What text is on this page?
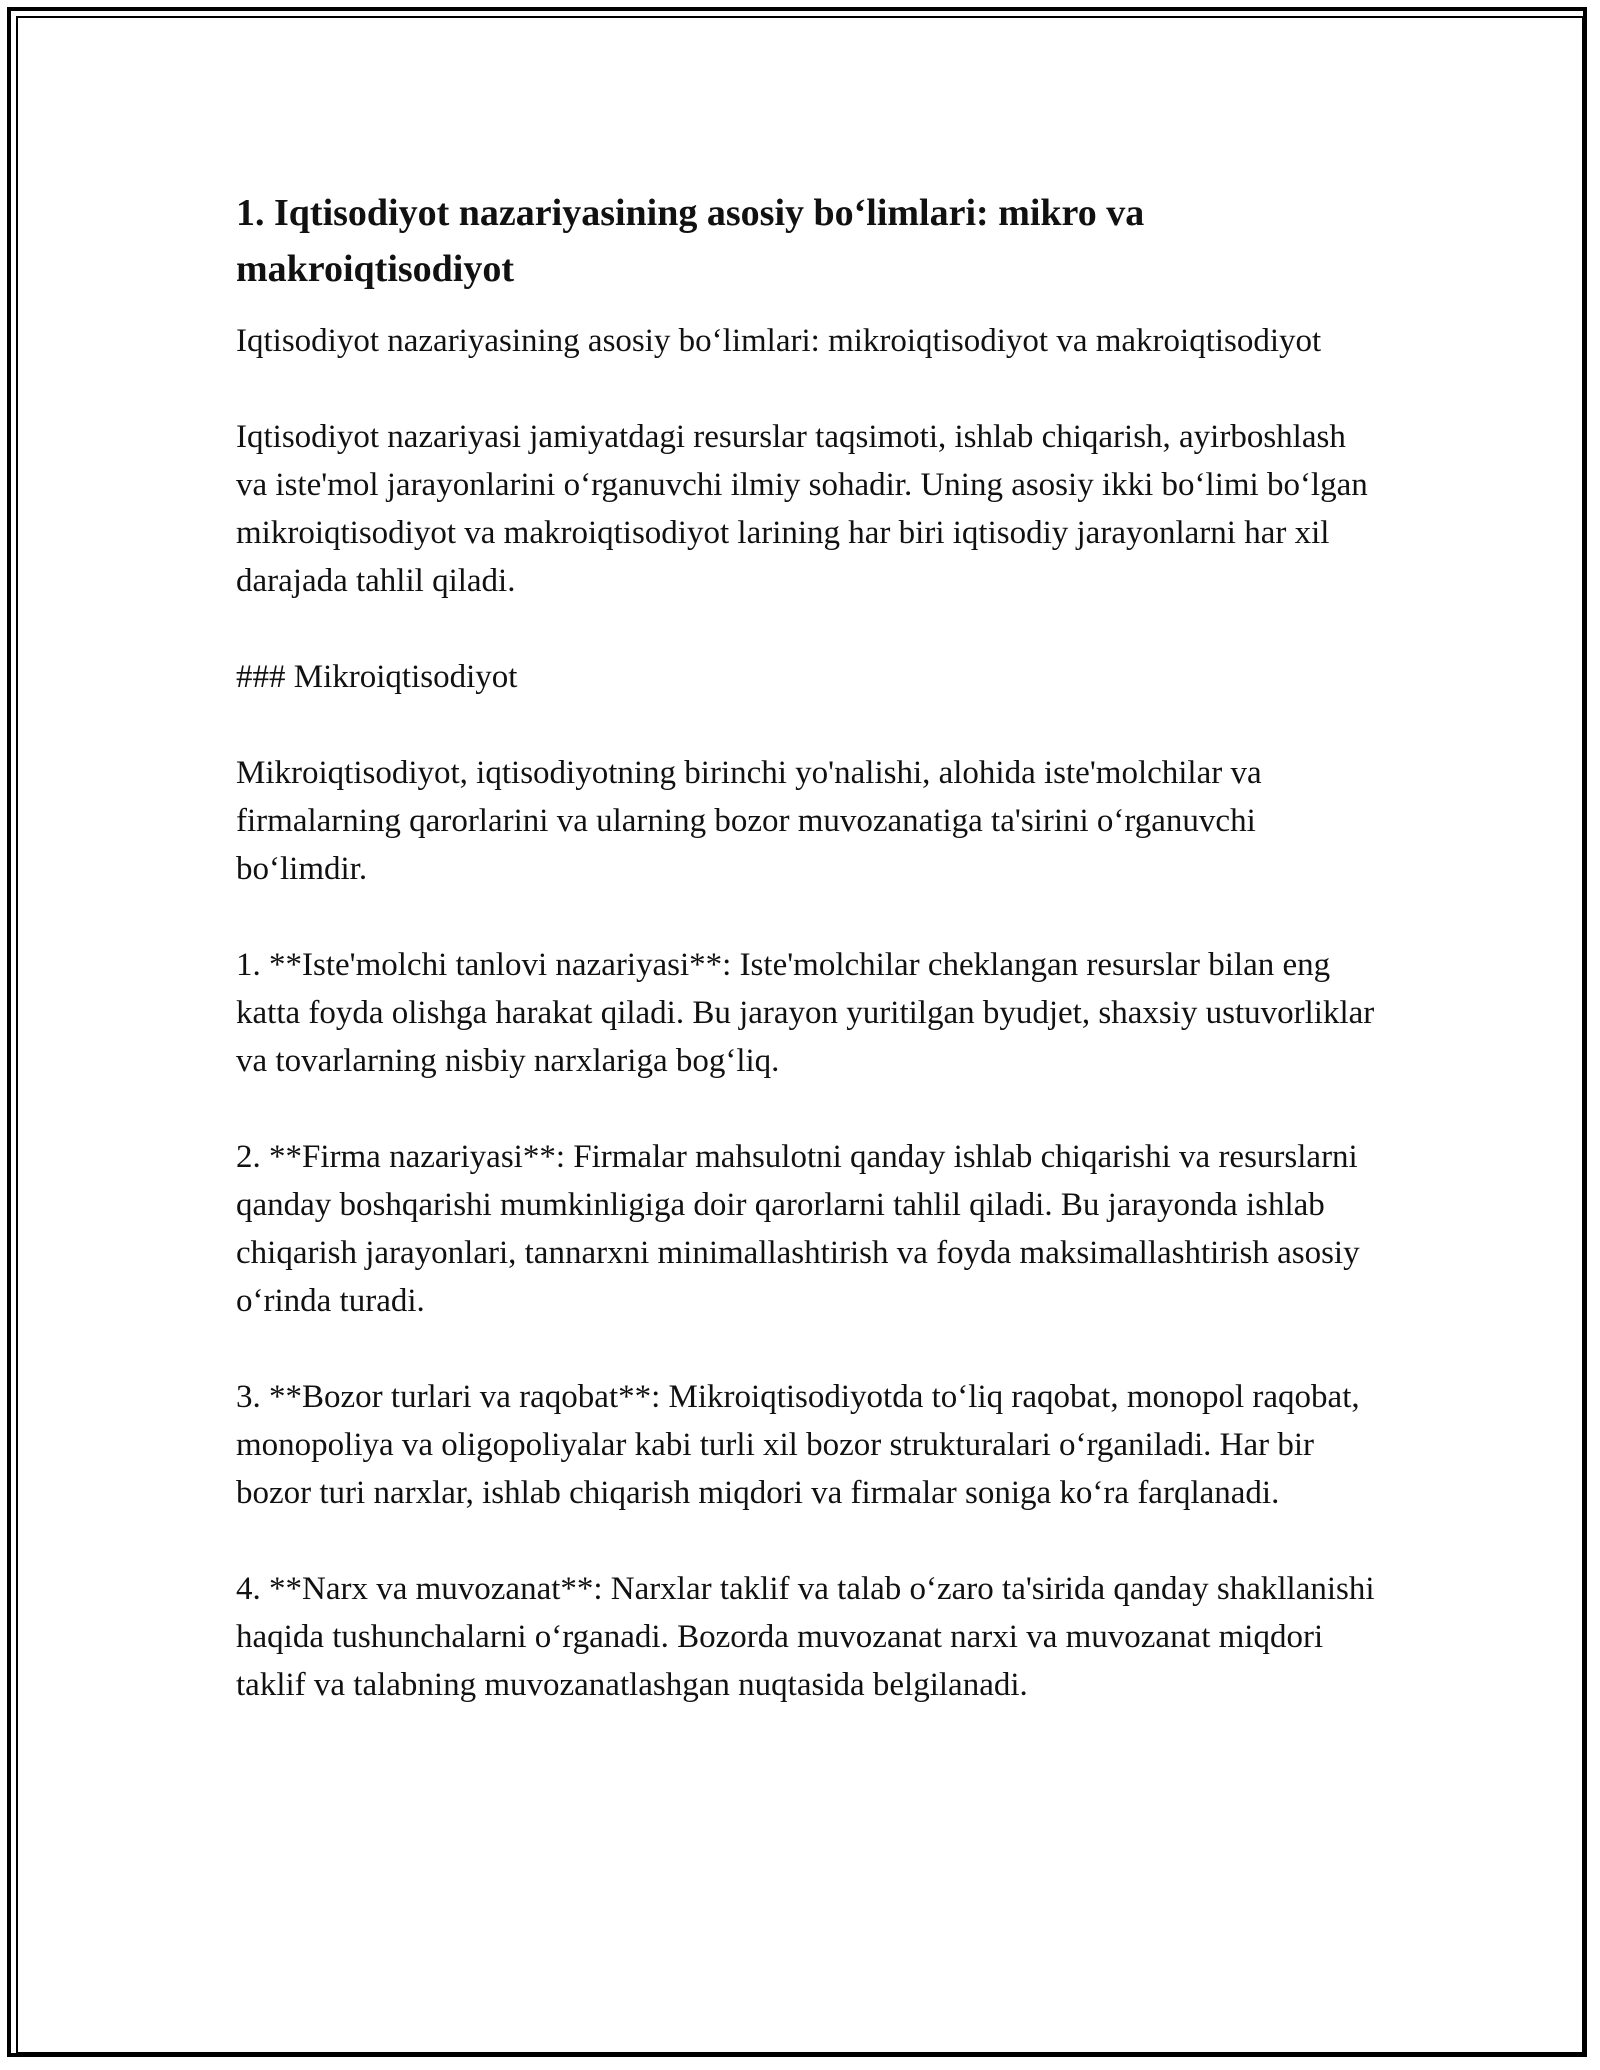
1. Iqtisodiyot nazariyasining asosiy bo‘limlari: mikro va makroiqtisodiyot

Iqtisodiyot nazariyasining asosiy bo‘limlari: mikroiqtisodiyot va makroiqtisodiyot

Iqtisodiyot nazariyasi jamiyatdagi resurslar taqsimoti, ishlab chiqarish, ayirboshlash va iste'mol jarayonlarini o‘rganuvchi ilmiy sohadir. Uning asosiy ikki bo‘limi bo‘lgan mikroiqtisodiyot va makroiqtisodiyot larining har biri iqtisodiy jarayonlarni har xil darajada tahlil qiladi.

### Mikroiqtisodiyot

Mikroiqtisodiyot, iqtisodiyotning birinchi yo'nalishi, alohida iste'molchilar va firmalarning qarorlarini va ularning bozor muvozanatiga ta'sirini o‘rganuvchi bo‘limdir.

1. **Iste'molchi tanlovi nazariyasi**: Iste'molchilar cheklangan resurslar bilan eng katta foyda olishga harakat qiladi. Bu jarayon yuritilgan byudjet, shaxsiy ustuvorliklar va tovarlarning nisbiy narxlariga bog‘liq.

2. **Firma nazariyasi**: Firmalar mahsulotni qanday ishlab chiqarishi va resurslarni qanday boshqarishi mumkinligiga doir qarorlarni tahlil qiladi. Bu jarayonda ishlab chiqarish jarayonlari, tannarxni minimallashtirish va foyda maksimallashtirish asosiy o‘rinda turadi.

3. **Bozor turlari va raqobat**: Mikroiqtisodiyotda to‘liq raqobat, monopol raqobat, monopoliya va oligopoliyalar kabi turli xil bozor strukturalari o‘rganiladi. Har bir bozor turi narxlar, ishlab chiqarish miqdori va firmalar soniga ko‘ra farqlanadi.

4. **Narx va muvozanat**: Narxlar taklif va talab o‘zaro ta'sirida qanday shakllanishi haqida tushunchalarni o‘rganadi. Bozorda muvozanat narxi va muvozanat miqdori taklif va talabning muvozanatlashgan nuqtasida belgilanadi.
